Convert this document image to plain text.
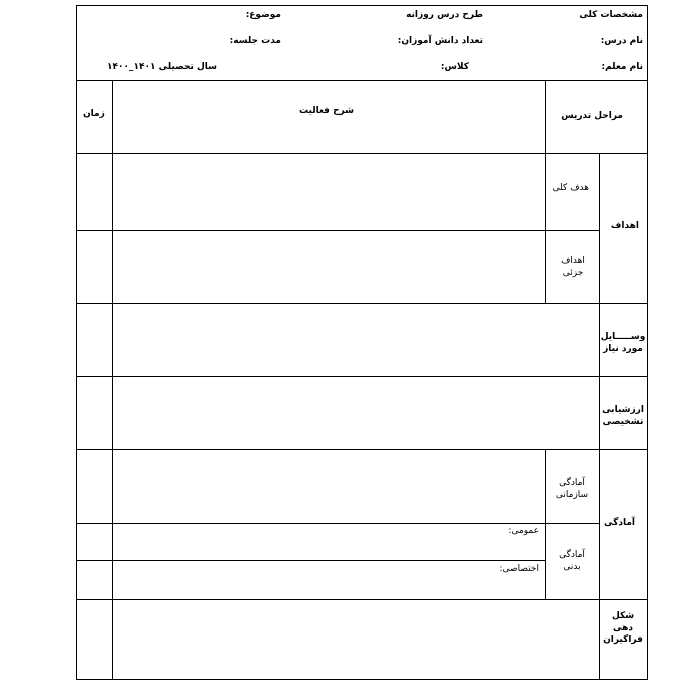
مشخصات کلی
طرح درس روزانه
موضوع:
نام درس:
تعداد دانش آموزان:
مدت جلسه:
نام معلم:
کلاس:
سال تحصیلی ۱۴۰۱_۱۴۰۰
مراحل تدریس
شرح فعالیت
زمان
اهداف
هدف کلی
اهداف
جزئی
وســـــایل
مورد نیاز
ارزشیابی
تشخیصی
آمادگی
آمادگی
سازمانی
آمادگی
بدنی
عمومی:
اختصاصی:
شکل
دهی
فراگیران
